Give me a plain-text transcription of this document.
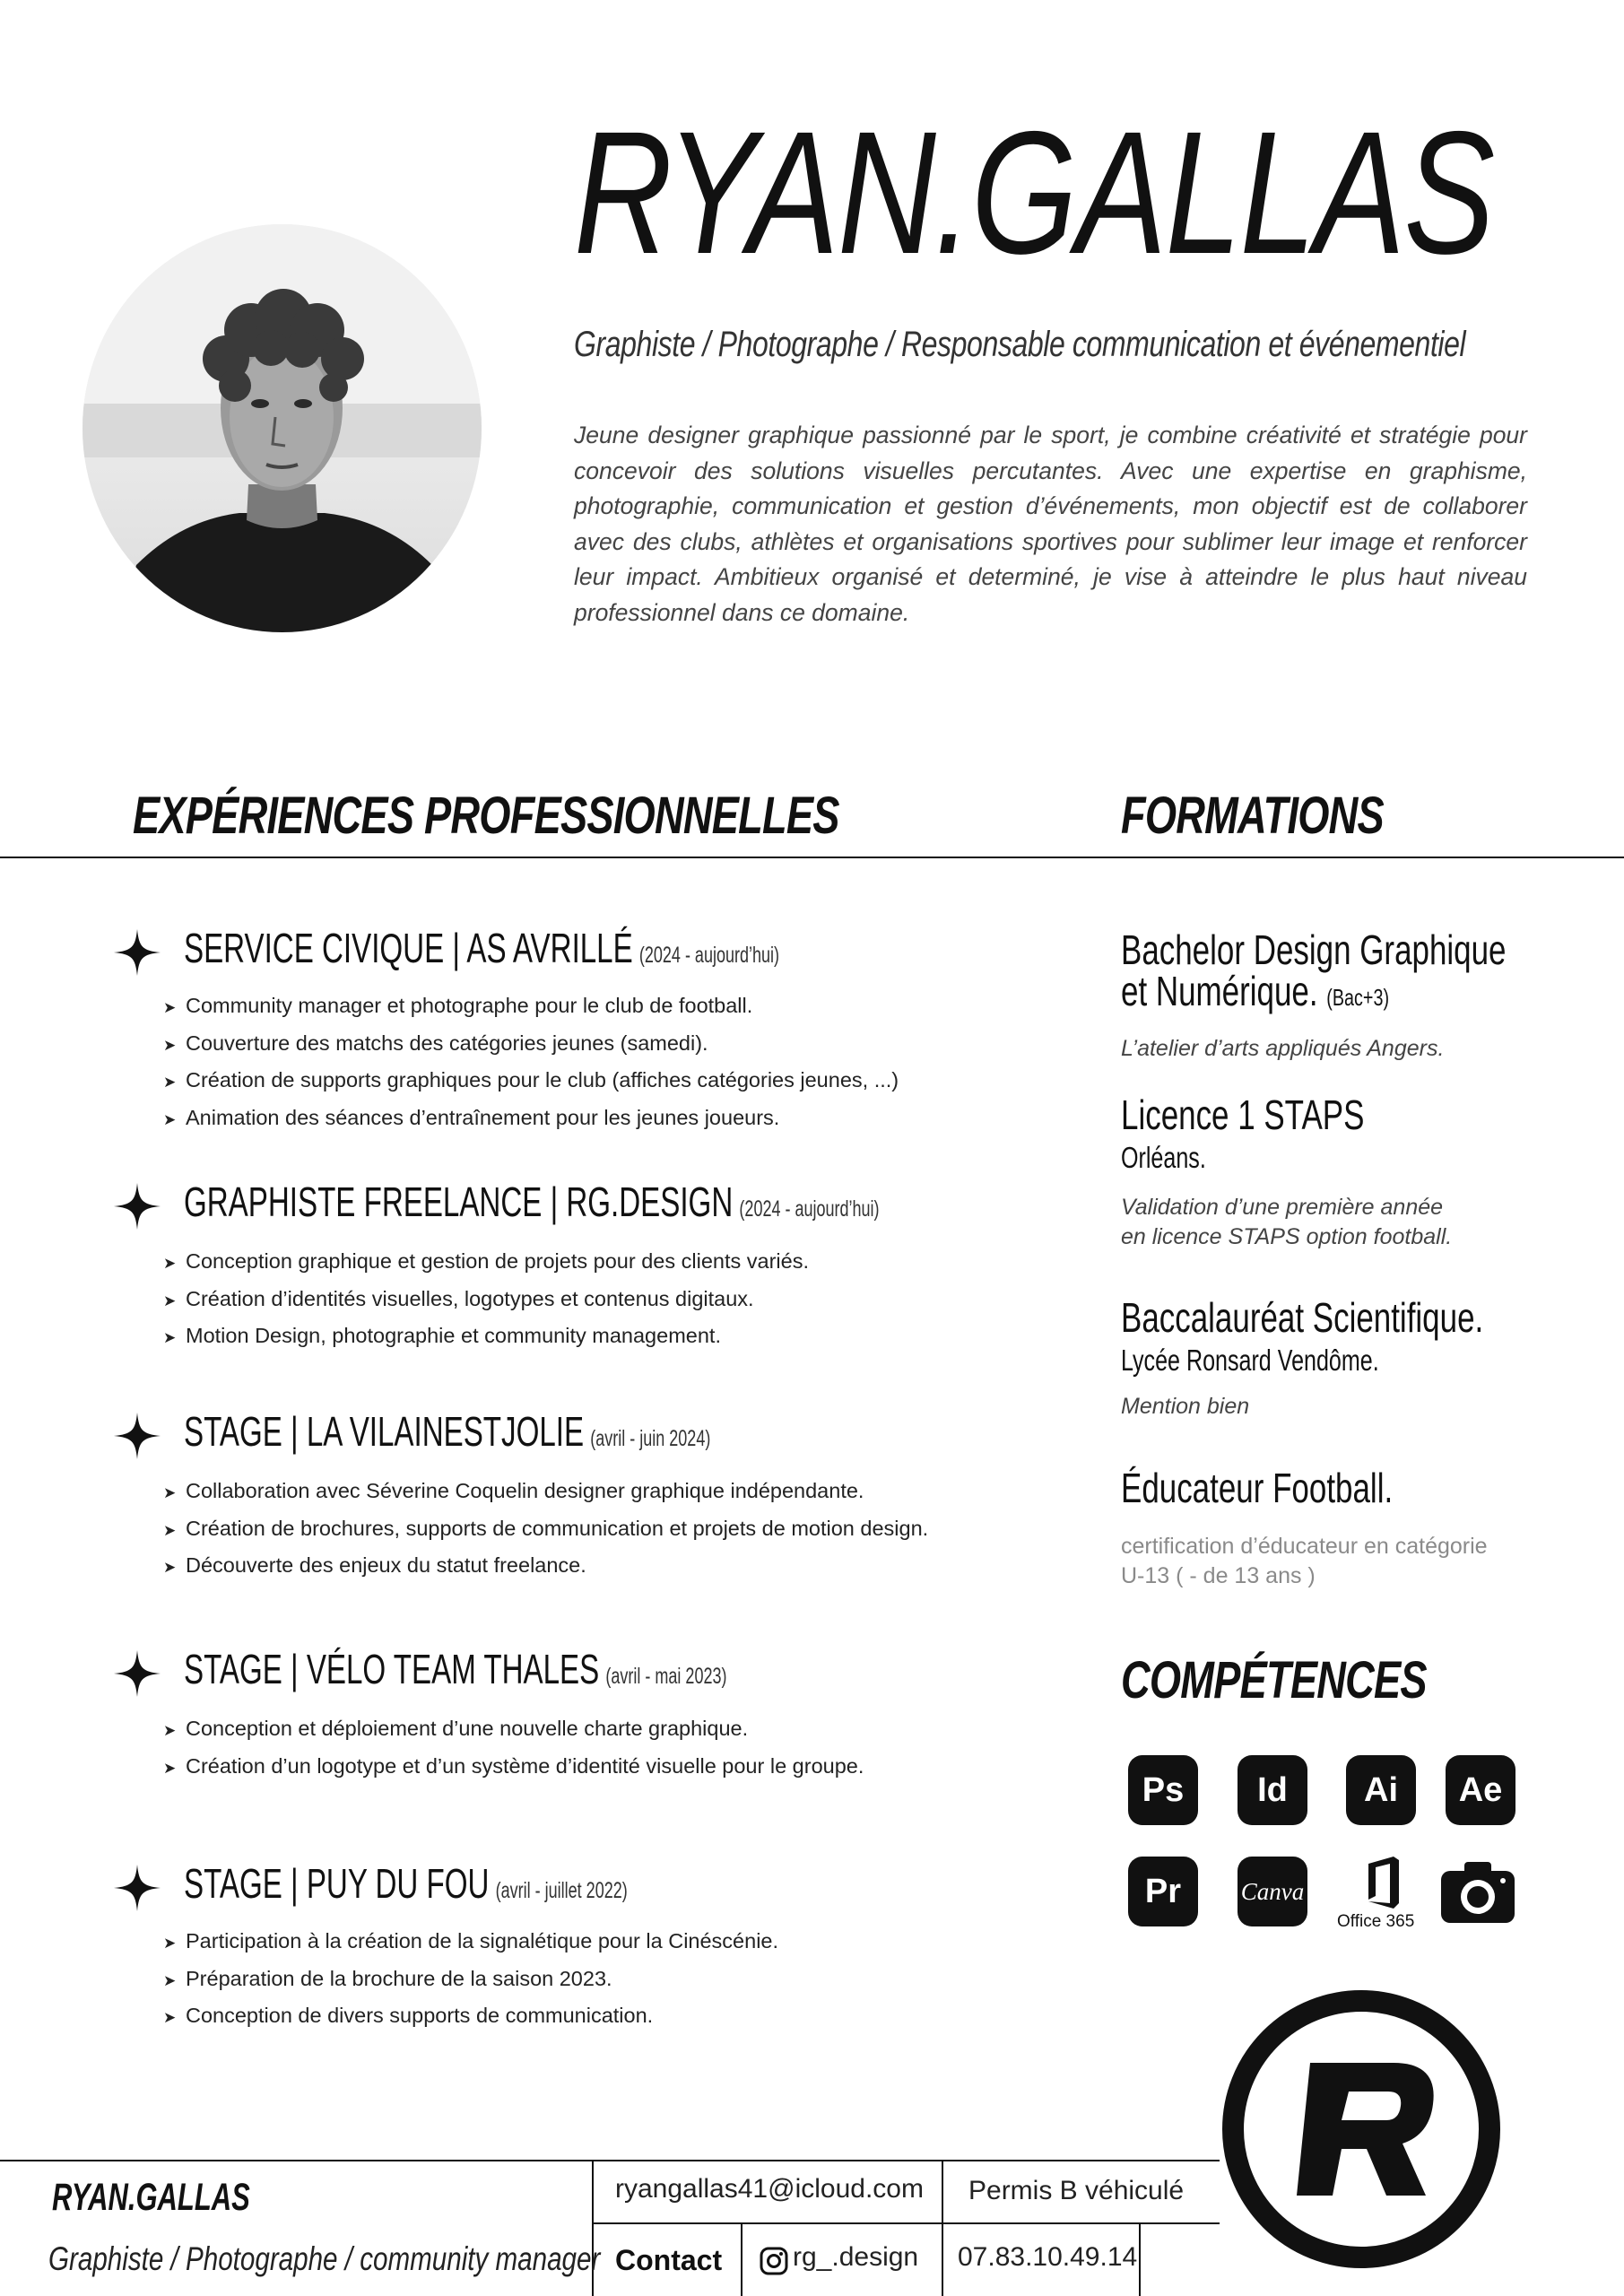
RYAN.GALLAS
Graphiste / Photographe / Responsable communication et événementiel
Jeune designer graphique passionné par le sport, je combine créativité et stratégie pour concevoir des solutions visuelles percutantes. Avec une expertise en graphisme, photographie, communication et gestion d’événements, mon objectif est de collaborer avec des clubs, athlètes et organisations sportives pour sublimer leur image et renforcer leur impact. Ambitieux organisé et determiné, je vise à atteindre le plus haut niveau professionnel dans ce domaine.
EXPÉRIENCES PROFESSIONNELLES	FORMATIONS
SERVICE CIVIQUE | AS AVRILLÉ (2024 - aujourd’hui)
➤ Community manager et photographe pour le club de football.
➤ Couverture des matchs des catégories jeunes (samedi).
➤ Création de supports graphiques pour le club (affiches catégories jeunes, ...)
➤ Animation des séances d’entraînement pour les jeunes joueurs.
GRAPHISTE FREELANCE | RG.DESIGN (2024 - aujourd’hui)
➤ Conception graphique et gestion de projets pour des clients variés.
➤ Création d’identités visuelles, logotypes et contenus digitaux.
➤ Motion Design, photographie et community management.
STAGE | LA VILAINESTJOLIE (avril - juin 2024)
➤ Collaboration avec Séverine Coquelin designer graphique indépendante.
➤ Création de brochures, supports de communication et projets de motion design.
➤ Découverte des enjeux du statut freelance.
STAGE | VÉLO TEAM THALES (avril - mai 2023)
➤ Conception et déploiement d’une nouvelle charte graphique.
➤ Création d’un logotype et d’un système d’identité visuelle pour le groupe.
STAGE | PUY DU FOU (avril - juillet 2022)
➤ Participation à la création de la signalétique pour la Cinéscénie.
➤ Préparation de la brochure de la saison 2023.
➤ Conception de divers supports de communication.
Bachelor Design Graphique
et Numérique. (Bac+3)
L’atelier d’arts appliqués Angers.
Licence 1 STAPS
Orléans.
Validation d’une première année
en licence STAPS option football.
Baccalauréat Scientifique.
Lycée Ronsard Vendôme.
Mention bien
Éducateur Football.
certification d’éducateur en catégorie
U-13 ( - de 13 ans )
COMPÉTENCES
Ps	Id	Ai	Ae
Pr	Canva
Office 365
RYAN.GALLAS
Graphiste / Photographe / community manager
ryangallas41@icloud.com Permis B véhiculé
Contact	rg_.design 07.83.10.49.14
